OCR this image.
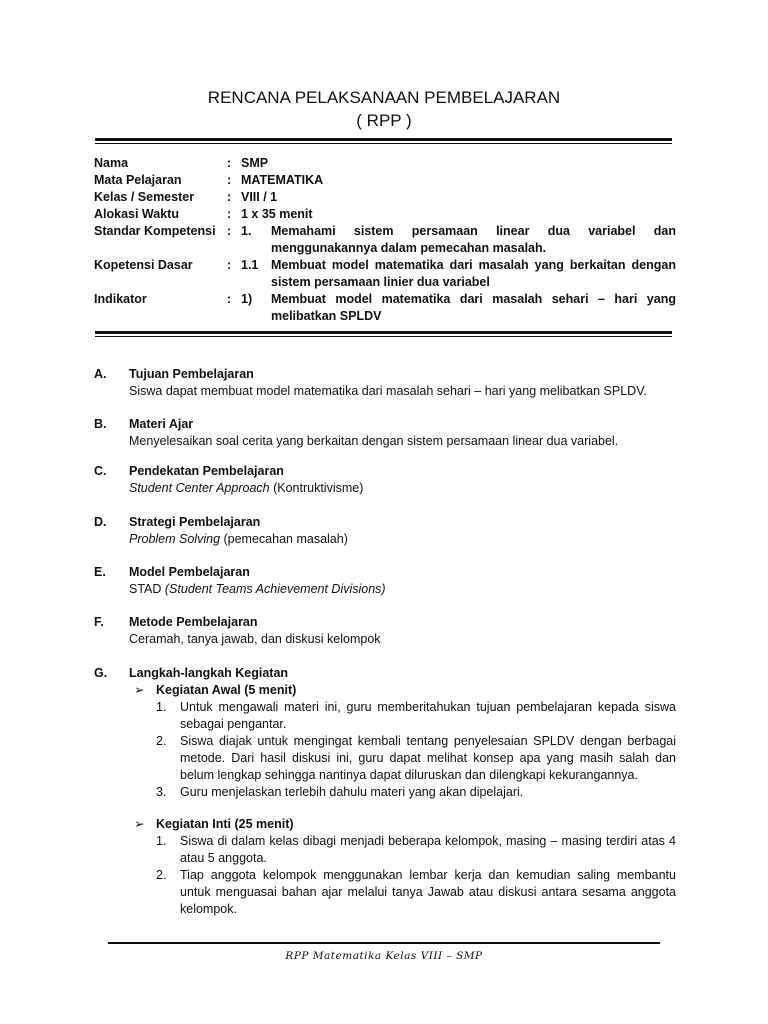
RENCANA PELAKSANAAN PEMBELAJARAN
( RPP )
Nama	: SMP
Mata Pelajaran	: MATEMATIKA
Kelas / Semester	: VIII / 1
Alokasi Waktu	: 1 x 35 menit
Standar Kompetensi : 1.	Memahami sistem persamaan linear dua variabel dan menggunakannya dalam pemecahan masalah.
Kopetensi Dasar	: 1.1	Membuat model matematika dari masalah yang berkaitan dengan sistem persamaan linier dua variabel
Indikator	: 1)	Membuat model matematika dari masalah sehari – hari yang melibatkan SPLDV
A. Tujuan Pembelajaran
Siswa dapat membuat model matematika dari masalah sehari – hari yang melibatkan SPLDV.
B. Materi Ajar
Menyelesaikan soal cerita yang berkaitan dengan sistem persamaan linear dua variabel.
C. Pendekatan Pembelajaran
Student Center Approach (Kontruktivisme)
D. Strategi Pembelajaran
Problem Solving (pemecahan masalah)
E. Model Pembelajaran
STAD (Student Teams Achievement Divisions)
F. Metode Pembelajaran
Ceramah, tanya jawab, dan diskusi kelompok
G. Langkah-langkah Kegiatan
➢ Kegiatan Awal (5 menit)
1.	Untuk mengawali materi ini, guru memberitahukan tujuan pembelajaran kepada siswa sebagai pengantar.
2.	Siswa diajak untuk mengingat kembali tentang penyelesaian SPLDV dengan berbagai metode. Dari hasil diskusi ini, guru dapat melihat konsep apa yang masih salah dan belum lengkap sehingga nantinya dapat diluruskan dan dilengkapi kekurangannya.
3.	Guru menjelaskan terlebih dahulu materi yang akan dipelajari.
➢ Kegiatan Inti (25 menit)
1.	Siswa di dalam kelas dibagi menjadi beberapa kelompok, masing – masing terdiri atas 4 atau 5 anggota.
2.	Tiap anggota kelompok menggunakan lembar kerja dan kemudian saling membantu untuk menguasai bahan ajar melalui tanya Jawab atau diskusi antara sesama anggota kelompok.
RPP Matematika Kelas VIII – SMP
